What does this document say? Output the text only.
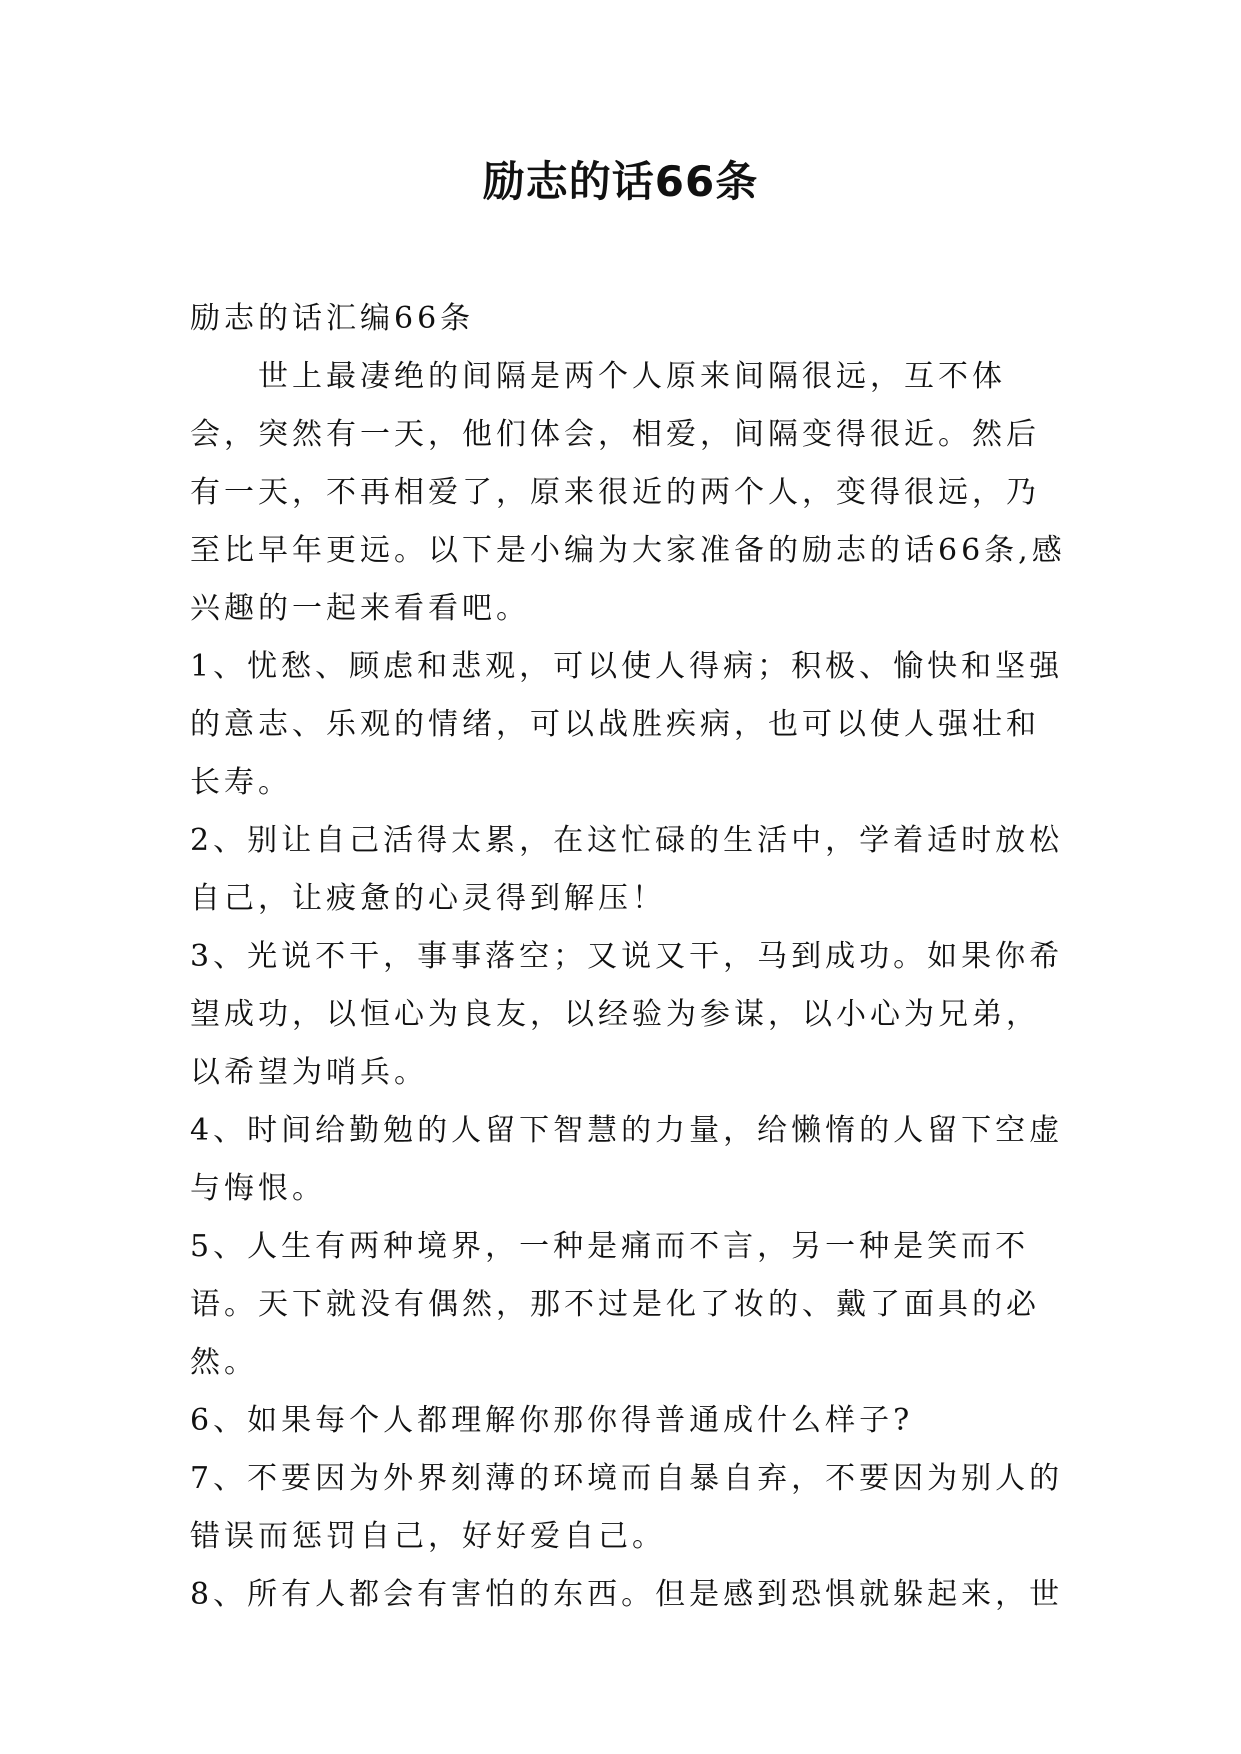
励志的话66条

励志的话汇编66条

世上最凄绝的间隔是两个人原来间隔很远，互不体会，突然有一天，他们体会，相爱，间隔变得很近。然后有一天，不再相爱了，原来很近的两个人，变得很远，乃至比早年更远。以下是小编为大家准备的励志的话66条,感兴趣的一起来看看吧。

1、忧愁、顾虑和悲观，可以使人得病；积极、愉快和坚强的意志、乐观的情绪，可以战胜疾病，也可以使人强壮和长寿。

2、别让自己活得太累，在这忙碌的生活中，学着适时放松自己，让疲惫的心灵得到解压！

3、光说不干，事事落空；又说又干，马到成功。如果你希望成功，以恒心为良友，以经验为参谋，以小心为兄弟，以希望为哨兵。

4、时间给勤勉的人留下智慧的力量，给懒惰的人留下空虚与悔恨。

5、人生有两种境界，一种是痛而不言，另一种是笑而不语。天下就没有偶然，那不过是化了妆的、戴了面具的必然。

6、如果每个人都理解你那你得普通成什么样子?

7、不要因为外界刻薄的环境而自暴自弃，不要因为别人的错误而惩罚自己，好好爱自己。

8、所有人都会有害怕的东西。但是感到恐惧就躲起来，世
